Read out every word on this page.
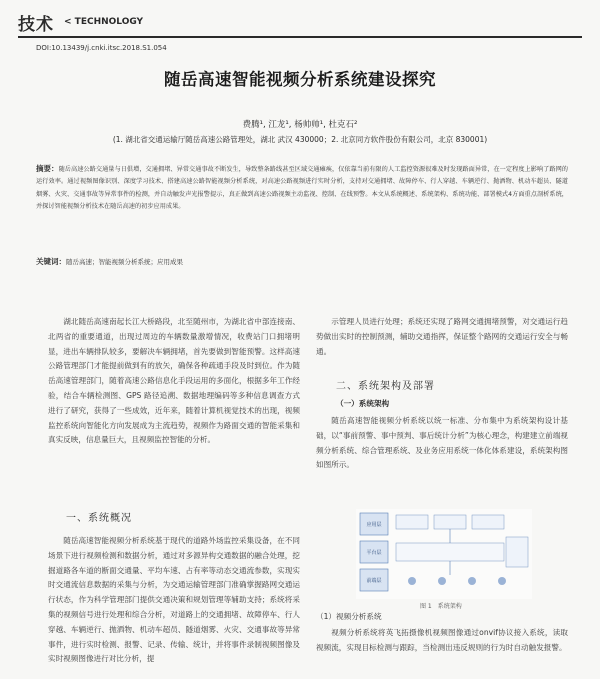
技术 < TECHNOLOGY
DOI:10.13439/j.cnki.itsc.2018.S1.054
随岳高速智能视频分析系统建设探究
费腾¹, 江龙¹, 杨帅帅¹, 杜克石²
(1. 湖北省交通运输厅随岳高速公路管理处，湖北 武汉 430000；2. 北京同方软件股份有限公司，北京 830001)
摘要：随岳高速公路交通量与日俱增，交通拥堵、异常交通事故不断发生，导致整条路线甚至区域交通瘫痪，仅依靠当前有限的人工监控资源很难及时发现路面异常，在一定程度上影响了路网的运行效率。通过视频图像识别、深度学习技术、搭建高速公路智能视频分析系统，对高速公路视频进行实时分析，支持对交通拥堵、故障停车、行人穿越、车辆逆行、抛洒物、机动车超员、隧道烟雾、火灾、交通事故等异常事件的检测，并自动触发声光报警提示，真正做到高速公路视频主动监视、控制、在线预警。本文从系统概述、系统架构、系统功能、部署模式4方面重点剖析系统，并探讨智能视频分析技术在随岳高速的初步应用成果。
关键词：随岳高速；智能视频分析系统；应用成果

湖北随岳高速南起长江大桥路段，北至随州市，为湖北省中部连接南、北两省的重要通道，出现过周边的车辆数量激增情况，收费站门口拥堵明显，进出车辆排队较多，要解决车辆拥堵，首先要做到智能预警。这样高速公路管理部门才能提前做到有的放矢，确保各种疏通手段及时到位。作为随岳高速管理部门，随着高速公路信息化手段运用的多面化，根据多年工作经验，结合车辆检测图、GPS 路径追溯、数据地理编码等多种信息调查方式进行了研究，获得了一些成效，近年来，随着计算机视觉技术的出现，视频监控系统向智能化方向发展成为主流趋势，视频作为路面交通的智能采集和真实反映，信息量巨大，且视频监控智能的分析。

一、系统概况

随岳高速智能视频分析系统基于现代的道路外场监控采集设备，在不同场景下进行视频检测和数据分析，通过对多源异构交通数据的融合处理，挖掘道路各车道的断面交通量、平均车速、占有率等动态交通流参数，实现实时交通流信息数据的采集与分析，为交通运输管理部门准确掌握路网交通运行状态，作为科学管理部门提供交通决策和规划管理等辅助支持；系统将采集的视频信号进行处理和综合分析，对道路上的交通拥堵、故障停车、行人穿越、车辆逆行、抛洒物、机动车超员、隧道烟雾、火灾、交通事故等异常事件，进行实时检测、报警、记录、传输、统计，并将事件录制视频图像及实时视频图像进行对比分析，提

示管理人员进行处理；系统还实现了路网交通拥堵预警，对交通运行趋势做出实时的控制预测，辅助交通指挥，保证整个路网的交通运行安全与畅通。

二、系统架构及部署
（一）系统架构

随岳高速智能视频分析系统以统一标准、分布集中为系统架构设计基础，以“事前预警、事中预判、事后统计分析”为核心理念，构建建立前端视频分析系统、综合管理系统、及业务应用系统一体化体系建设，系统架构图如图所示。

应用层
平台层
前端层
图 1　系统架构
（1）视频分析系统

视频分析系统将英飞拓摄像机视频图像通过onvif协议接入系统，读取视频流，实现目标检测与跟踪，当检测出违反规则的行为时自动触发报警。
